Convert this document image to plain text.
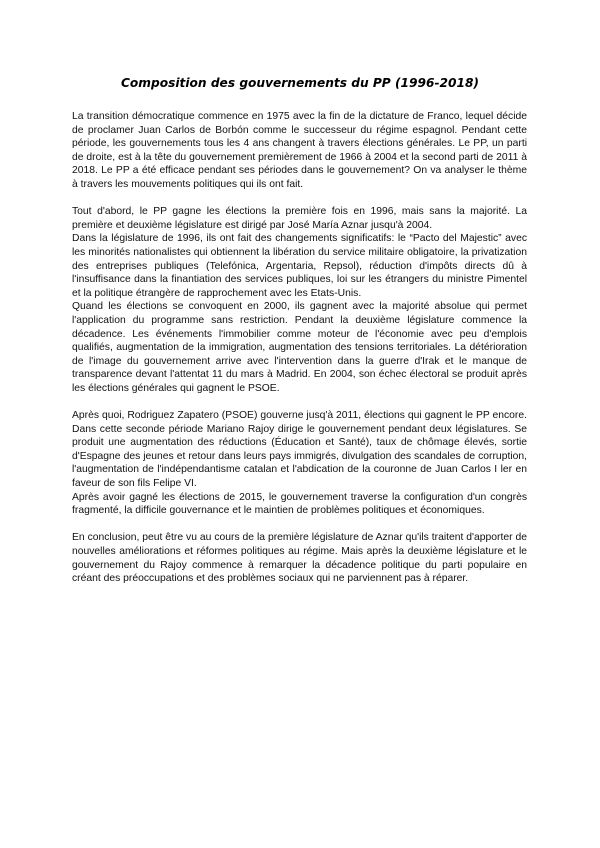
Composition des gouvernements du PP (1996-2018)

La transition démocratique commence en 1975 avec la fin de la dictature de Franco, lequel décide de proclamer Juan Carlos de Borbón comme le successeur du régime espagnol. Pendant cette période, les gouvernements tous les 4 ans changent à travers élections générales. Le PP, un parti de droite, est à la tête du gouvernement premièrement de 1966 à 2004 et la second parti de 2011 à 2018. Le PP a été efficace pendant ses périodes dans le gouvernement? On va analyser le thème à travers les mouvements politiques qui ils ont fait.

Tout d'abord, le PP gagne les élections la première fois en 1996, mais sans la majorité. La première et deuxième législature est dirigé par José María Aznar jusqu'à 2004.

Dans la législature de 1996, ils ont fait des changements significatifs: le “Pacto del Majestic” avec les minorités nationalistes qui obtiennent la libération du service militaire obligatoire, la privatization des entreprises publiques (Telefónica, Argentaria, Repsol), réduction d'impôts directs dû à l'insuffisance dans la finantiation des services publiques, loi sur les étrangers du ministre Pimentel et la politique étrangère de rapprochement avec les Etats-Unis.

Quand les élections se convoquent en 2000, ils gagnent avec la majorité absolue qui permet l'application du programme sans restriction. Pendant la deuxième législature commence la décadence. Les événements l'immobilier comme moteur de l'économie avec peu d'emplois qualifiés, augmentation de la immigration, augmentation des tensions territoriales. La détérioration de l'image du gouvernement arrive avec l'intervention dans la guerre d'Irak et le manque de transparence devant l'attentat 11 du mars à Madrid. En 2004, son échec électoral se produit après les élections générales qui gagnent le PSOE.

Après quoi, Rodriguez Zapatero (PSOE) gouverne jusq'à 2011, élections qui gagnent le PP encore. Dans cette seconde période Mariano Rajoy dirige le gouvernement pendant deux législatures. Se produit une augmentation des réductions (Éducation et Santé), taux de chômage élevés, sortie d'Espagne des jeunes et retour dans leurs pays immigrés, divulgation des scandales de corruption, l'augmentation de l'indépendantisme catalan et l'abdication de la couronne de Juan Carlos I ler en faveur de son fils Felipe VI.

Après avoir gagné les élections de 2015, le gouvernement traverse la configuration d'un congrès fragmenté, la difficile gouvernance et le maintien de problèmes politiques et économiques.

En conclusion, peut être vu au cours de la première législature de Aznar qu'ils traitent d'apporter de nouvelles améliorations et réformes politiques au régime. Mais après la deuxième législature et le gouvernement du Rajoy commence à remarquer la décadence politique du parti populaire en créant des préoccupations et des problèmes sociaux qui ne parviennent pas à réparer.
